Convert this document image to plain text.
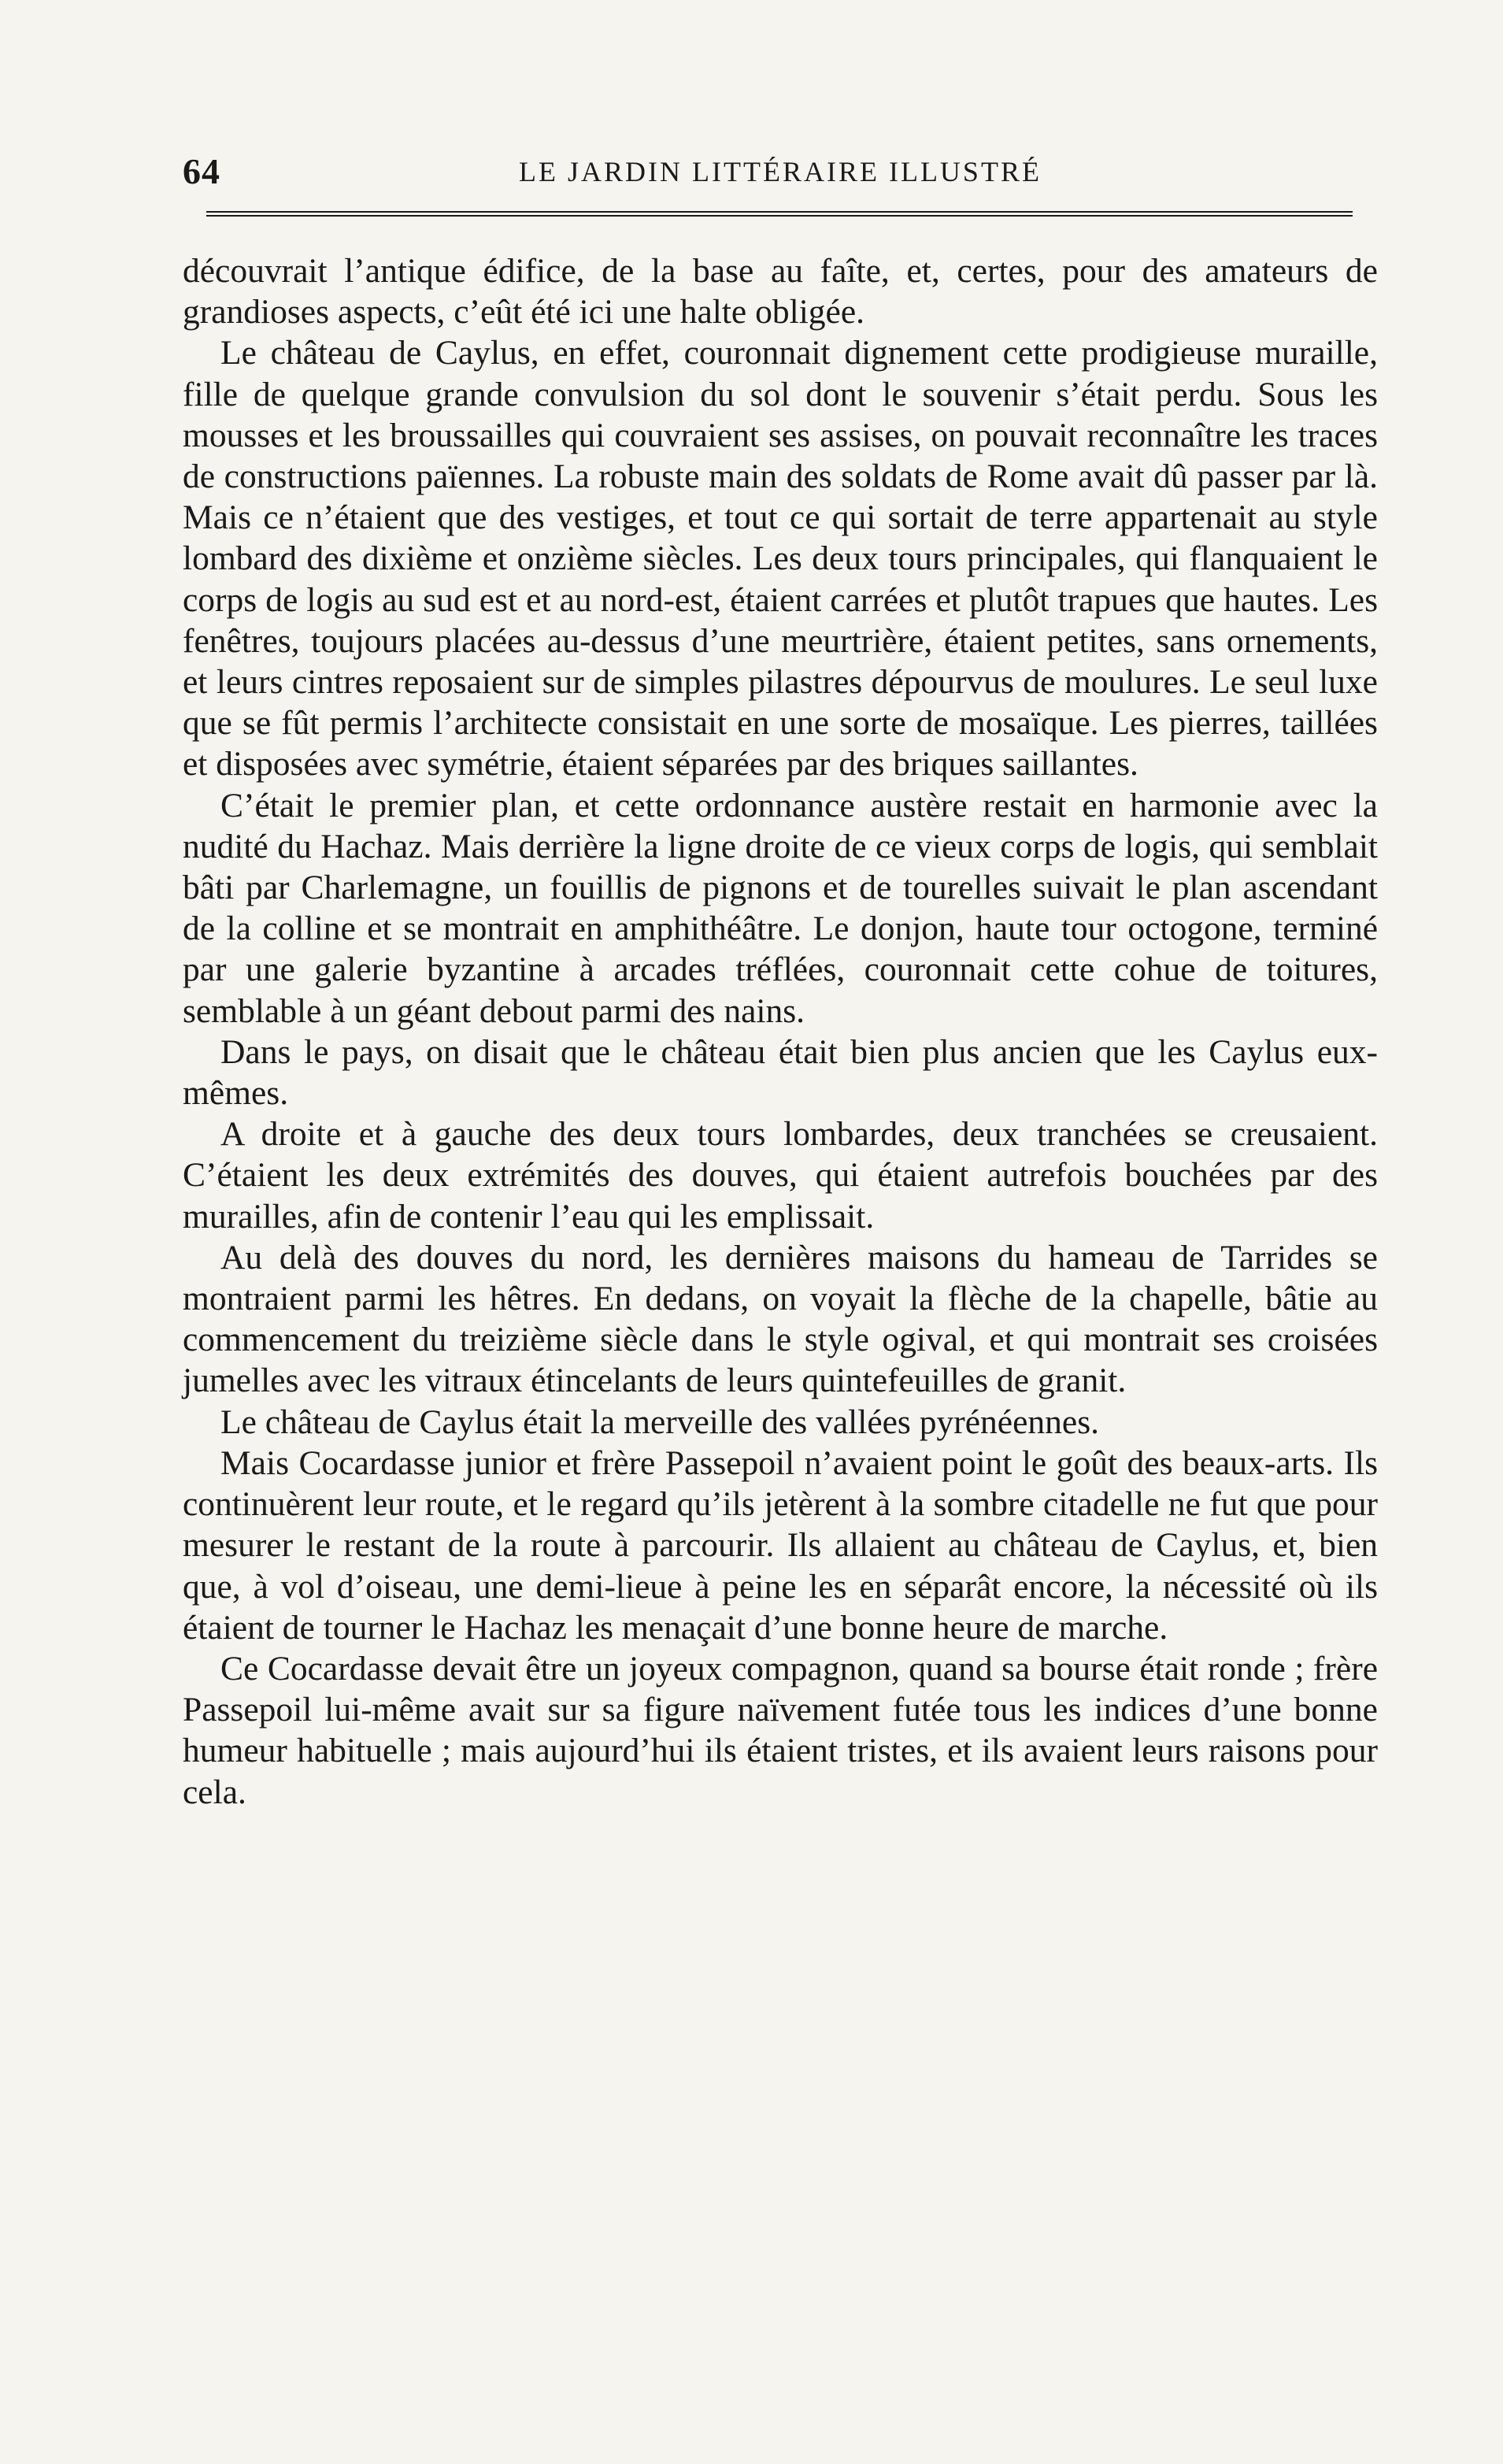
64	LE JARDIN LITTÉRAIRE ILLUSTRÉ

découvrait l’antique édifice, de la base au faîte, et, certes, pour des amateurs de grandioses aspects, c’eût été ici une halte obligée.

Le château de Caylus, en effet, couronnait dignement cette prodigieuse muraille, fille de quelque grande convulsion du sol dont le souvenir s’était perdu. Sous les mousses et les broussailles qui couvraient ses assises, on pouvait reconnaître les traces de constructions païennes. La robuste main des soldats de Rome avait dû passer par là. Mais ce n’étaient que des vestiges, et tout ce qui sortait de terre appartenait au style lombard des dixième et onzième siècles. Les deux tours principales, qui flanquaient le corps de logis au sud est et au nord-est, étaient carrées et plutôt trapues que hautes. Les fenêtres, toujours placées au-dessus d’une meurtrière, étaient petites, sans ornements, et leurs cintres reposaient sur de simples pilastres dépourvus de moulures. Le seul luxe que se fût permis l’architecte consistait en une sorte de mosaïque. Les pierres, taillées et disposées avec symétrie, étaient séparées par des briques saillantes.

C’était le premier plan, et cette ordonnance austère restait en harmonie avec la nudité du Hachaz. Mais derrière la ligne droite de ce vieux corps de logis, qui semblait bâti par Charlemagne, un fouillis de pignons et de tourelles suivait le plan ascendant de la colline et se montrait en amphithéâtre. Le donjon, haute tour octogone, terminé par une galerie byzantine à arcades tréflées, couronnait cette cohue de toitures, semblable à un géant debout parmi des nains.

Dans le pays, on disait que le château était bien plus ancien que les Caylus eux-mêmes.

A droite et à gauche des deux tours lombardes, deux tranchées se creusaient. C’étaient les deux extrémités des douves, qui étaient autrefois bouchées par des murailles, afin de contenir l’eau qui les emplissait.

Au delà des douves du nord, les dernières maisons du hameau de Tarrides se montraient parmi les hêtres. En dedans, on voyait la flèche de la chapelle, bâtie au commencement du treizième siècle dans le style ogival, et qui montrait ses croisées jumelles avec les vitraux étincelants de leurs quintefeuilles de granit.

Le château de Caylus était la merveille des vallées pyrénéennes.

Mais Cocardasse junior et frère Passepoil n’avaient point le goût des beaux-arts. Ils continuèrent leur route, et le regard qu’ils jetèrent à la sombre citadelle ne fut que pour mesurer le restant de la route à parcourir. Ils allaient au château de Caylus, et, bien que, à vol d’oiseau, une demi-lieue à peine les en séparât encore, la nécessité où ils étaient de tourner le Hachaz les menaçait d’une bonne heure de marche.

Ce Cocardasse devait être un joyeux compagnon, quand sa bourse était ronde ; frère Passepoil lui-même avait sur sa figure naïvement futée tous les indices d’une bonne humeur habituelle ; mais aujourd’hui ils étaient tristes, et ils avaient leurs raisons pour cela.
